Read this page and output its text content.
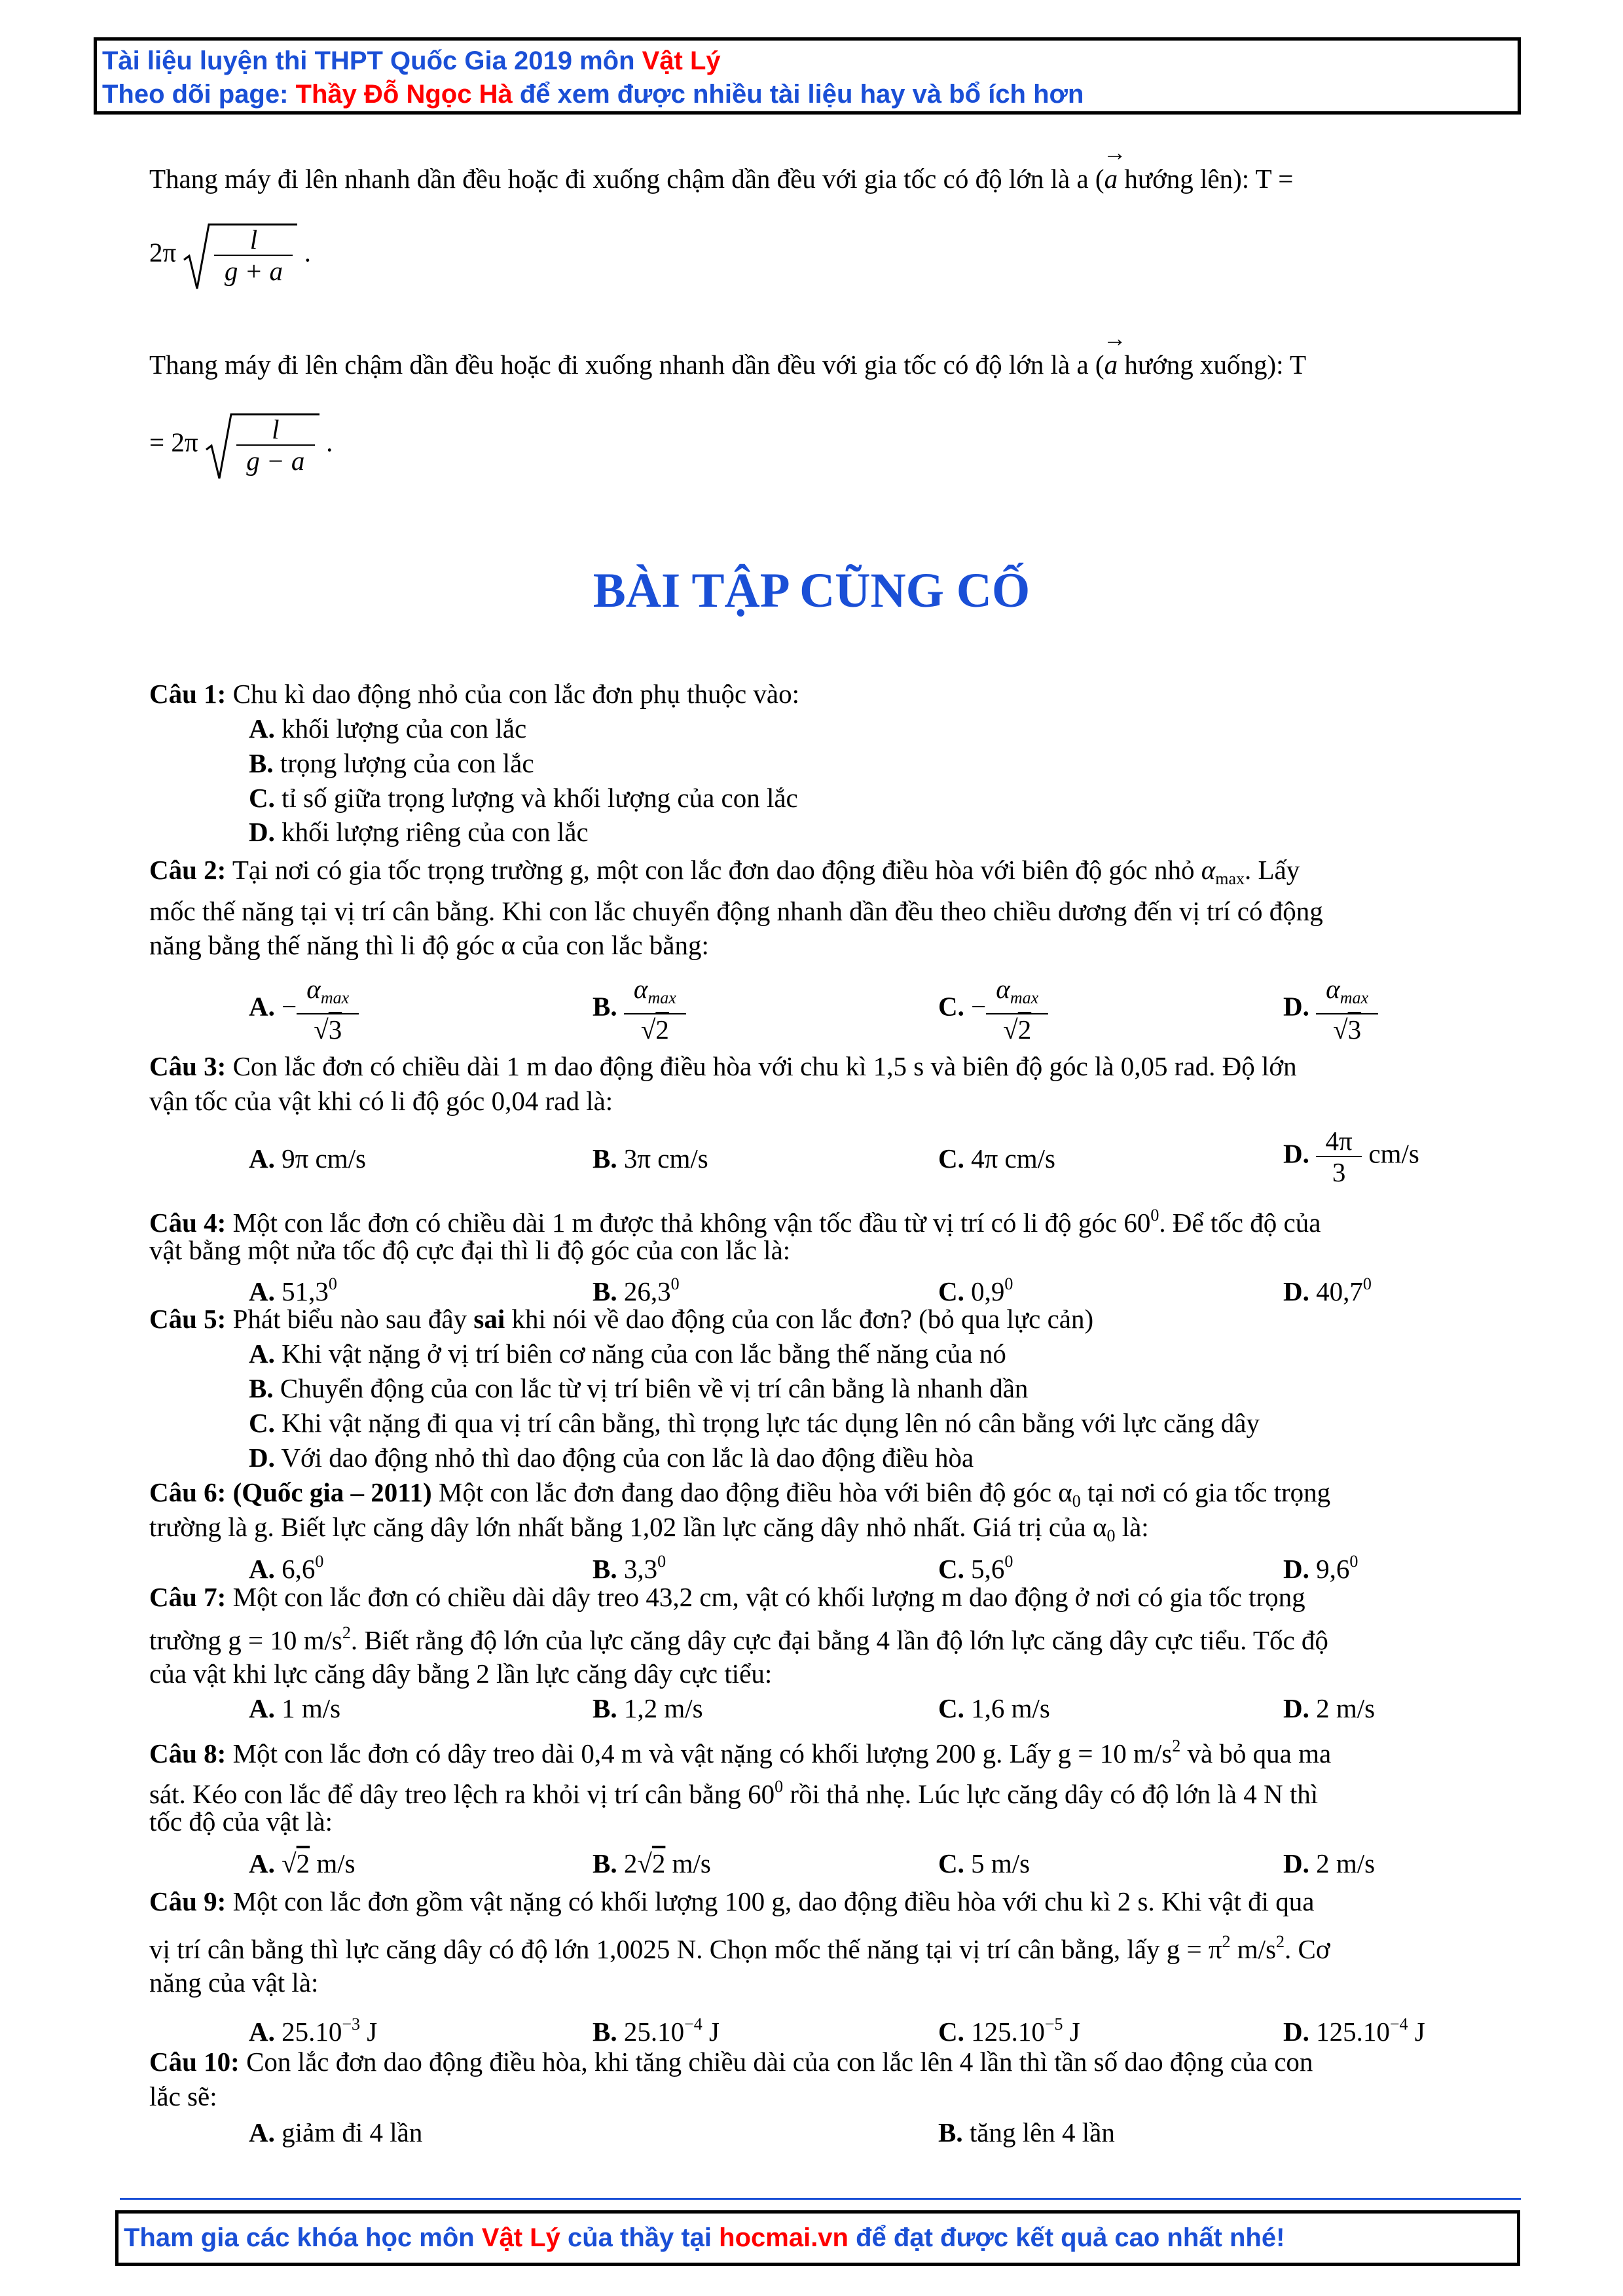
Tài liệu luyện thi THPT Quốc Gia 2019 môn Vật Lý
Theo dõi page: Thầy Đỗ Ngọc Hà để xem được nhiều tài liệu hay và bổ ích hơn
Thang máy đi lên nhanh dần đều hoặc đi xuống chậm dần đều với gia tốc có độ lớn là a (→ a hướng lên): T =
$2\pi \frac{l}{g + a}$ .
Thang máy đi lên chậm dần đều hoặc đi xuống nhanh dần đều với gia tốc có độ lớn là a (→ a hướng xuống): T
= $2\pi \frac{l}{g - a}$ .
BÀI TẬP CŨNG CỐ
Câu 1: Chu kì dao động nhỏ của con lắc đơn phụ thuộc vào:
A. khối lượng của con lắc
B. trọng lượng của con lắc
C. tỉ số giữa trọng lượng và khối lượng của con lắc
D. khối lượng riêng của con lắc
Câu 2: Tại nơi có gia tốc trọng trường g, một con lắc đơn dao động điều hòa với biên độ góc nhỏ $\alpha_{max}$. Lấy
mốc thế năng tại vị trí cân bằng. Khi con lắc chuyển động nhanh dần đều theo chiều dương đến vị trí có động
năng bằng thế năng thì li độ góc α của con lắc bằng:
A. − $\frac{\alpha_{max}}{√3}$	B. $\frac{\alpha_{max}}{√2}$	C. − $\frac{\alpha_{max}}{√2}$	D. $\frac{\alpha_{max}}{√3}$
Câu 3: Con lắc đơn có chiều dài 1 m dao động điều hòa với chu kì 1,5 s và biên độ góc là 0,05 rad. Độ lớn
vận tốc của vật khi có li độ góc 0,04 rad là:
A. 9π cm/s	B. 3π cm/s	C. 4π cm/s	D. $\frac{4\pi}{3} cm/s$
Câu 4: Một con lắc đơn có chiều dài 1 m được thả không vận tốc đầu từ vị trí có li độ góc $60^0$. Để tốc độ của
vật bằng một nửa tốc độ cực đại thì li độ góc của con lắc là:
A. 51,3$^0$	B. 26,3$^0$	C. $0,9^0$	D. 40,7$^0$
Câu 5: Phát biểu nào sau đây sai khi nói về dao động của con lắc đơn? (bỏ qua lực cản)
A. Khi vật nặng ở vị trí biên cơ năng của con lắc bằng thế năng của nó
B. Chuyển động của con lắc từ vị trí biên về vị trí cân bằng là nhanh dần
C. Khi vật nặng đi qua vị trí cân bằng, thì trọng lực tác dụng lên nó cân bằng với lực căng dây
D. Với dao động nhỏ thì dao động của con lắc là dao động điều hòa
Câu 6: (Quốc gia – 2011) Một con lắc đơn đang dao động điều hòa với biên độ góc $\alpha_0$ tại nơi có gia tốc trọng
trường là g. Biết lực căng dây lớn nhất bằng 1,02 lần lực căng dây nhỏ nhất. Giá trị của $\alpha_0$ là:
A. $6,6^0$	B. $3,3^0$	C. $5,6^0$	D. $9,6^0$
Câu 7: Một con lắc đơn có chiều dài dây treo 43,2 cm, vật có khối lượng m dao động ở nơi có gia tốc trọng
trường g = 10 $m/s^2$. Biết rằng độ lớn của lực căng dây cực đại bằng 4 lần độ lớn lực căng dây cực tiểu. Tốc độ
của vật khi lực căng dây bằng 2 lần lực căng dây cực tiểu:
A. 1 m/s	B. 1,2 m/s	C. 1,6 m/s	D. 2 m/s
Câu 8: Một con lắc đơn có dây treo dài 0,4 m và vật nặng có khối lượng 200 g. Lấy g = 10 $m/s^2$ và bỏ qua ma
sát. Kéo con lắc để dây treo lệch ra khỏi vị trí cân bằng $60^0$ rồi thả nhẹ. Lúc lực căng dây có độ lớn là 4 N thì
tốc độ của vật là:
A. √2 m/s	B. 2√2 m/s	C. 5 m/s	D. 2 m/s
Câu 9: Một con lắc đơn gồm vật nặng có khối lượng 100 g, dao động điều hòa với chu kì 2 s. Khi vật đi qua
vị trí cân bằng thì lực căng dây có độ lớn 1,0025 N. Chọn mốc thế năng tại vị trí cân bằng, lấy $g = \pi^2$ $m/s^2$. Cơ
năng của vật là:
A. $25.10^{-3}$ J	B. $25.10^{-4}$ J	C. $125.10^{-5}$ J	D. $125.10^{-4}$ J
Câu 10: Con lắc đơn dao động điều hòa, khi tăng chiều dài của con lắc lên 4 lần thì tần số dao động của con
lắc sẽ:
A. giảm đi 4 lần	B. tăng lên 4 lần
Tham gia các khóa học môn Vật Lý của thầy tại hocmai.vn để đạt được kết quả cao nhất nhé!
